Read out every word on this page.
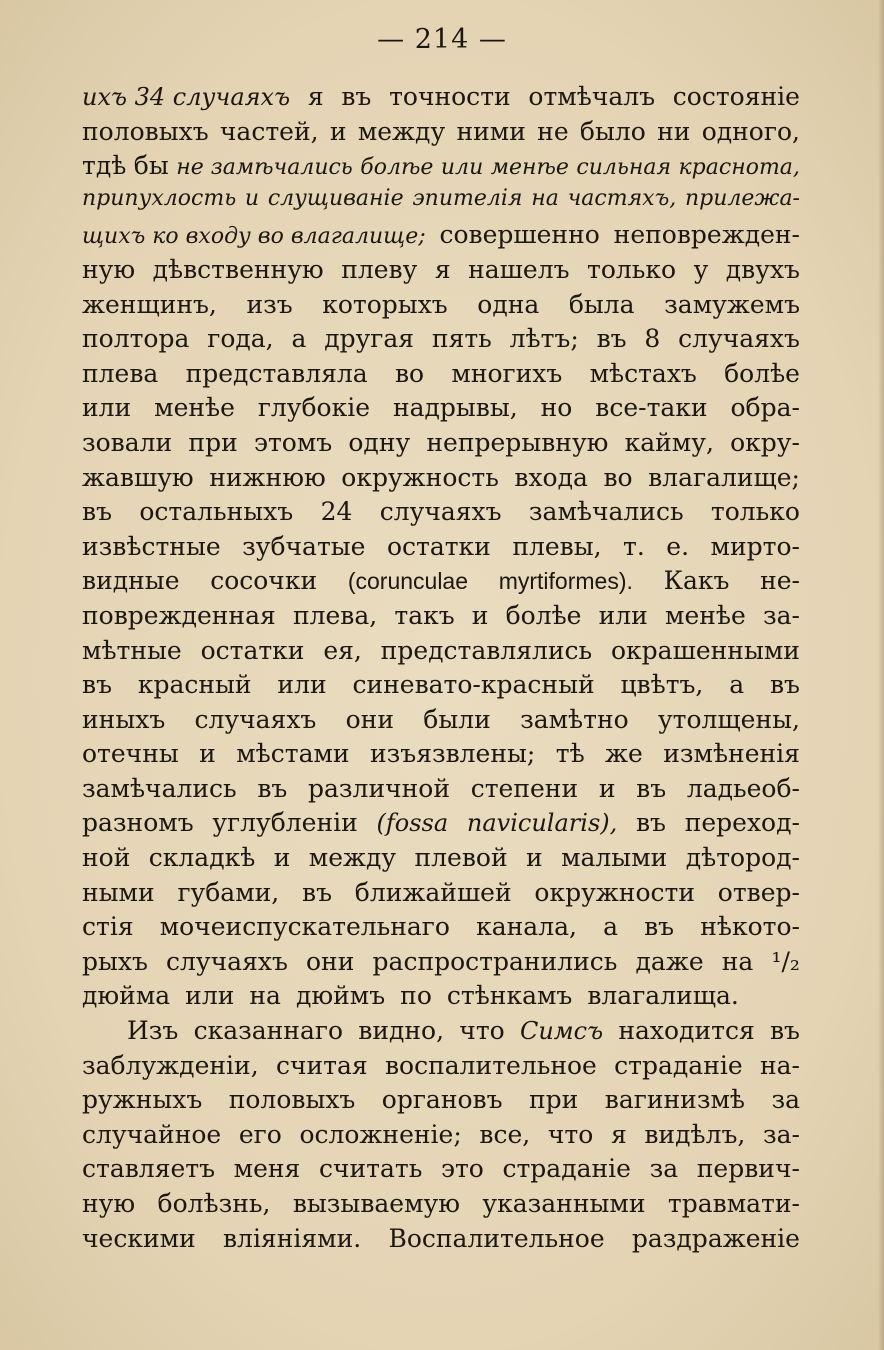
— 214 —
ихъ 34 случаяхъ я въ точности отмѣчалъ состояніе
половыхъ частей, и между ними не было ни одного,
тдѣ бы не замѣчались болѣе или менѣе сильная краснота,
припухлость и слущиваніе эпителія на частяхъ, прилежа-
щихъ ко входу во влагалище; совершенно неповрежден-
ную дѣвственную плеву я нашелъ только у двухъ
женщинъ, изъ которыхъ одна была замужемъ
полтора года, а другая пять лѣтъ; въ 8 случаяхъ
плева представляла во многихъ мѣстахъ болѣе
или менѣе глубокіе надрывы, но все-таки обра-
зовали при этомъ одну непрерывную кайму, окру-
жавшую нижнюю окружность входа во влагалище;
въ остальныхъ 24 случаяхъ замѣчались только
извѣстные зубчатые остатки плевы, т. е. мирто-
видные сосочки (corunculae myrtiformes). Какъ не-
поврежденная плева, такъ и болѣе или менѣе за-
мѣтные остатки ея, представлялись окрашенными
въ красный или синевато-красный цвѣтъ, а въ
иныхъ случаяхъ они были замѣтно утолщены,
отечны и мѣстами изъязвлены; тѣ же измѣненія
замѣчались въ различной степени и въ ладьеоб-
разномъ углубленіи (fossa navicularis), въ переход-
ной складкѣ и между плевой и малыми дѣтород-
ными губами, въ ближайшей окружности отвер-
стія мочеиспускательнаго канала, а въ нѣкото-
рыхъ случаяхъ они распространились даже на ¹/₂
дюйма или на дюймъ по стѣнкамъ влагалища.
Изъ сказаннаго видно, что Симсъ находится въ
заблужденіи, считая воспалительное страданіе на-
ружныхъ половыхъ органовъ при вагинизмѣ за
случайное его осложненіе; все, что я видѣлъ, за-
ставляетъ меня считать это страданіе за первич-
ную болѣзнь, вызываемую указанными травмати-
ческими вліяніями. Воспалительное раздраженіе
